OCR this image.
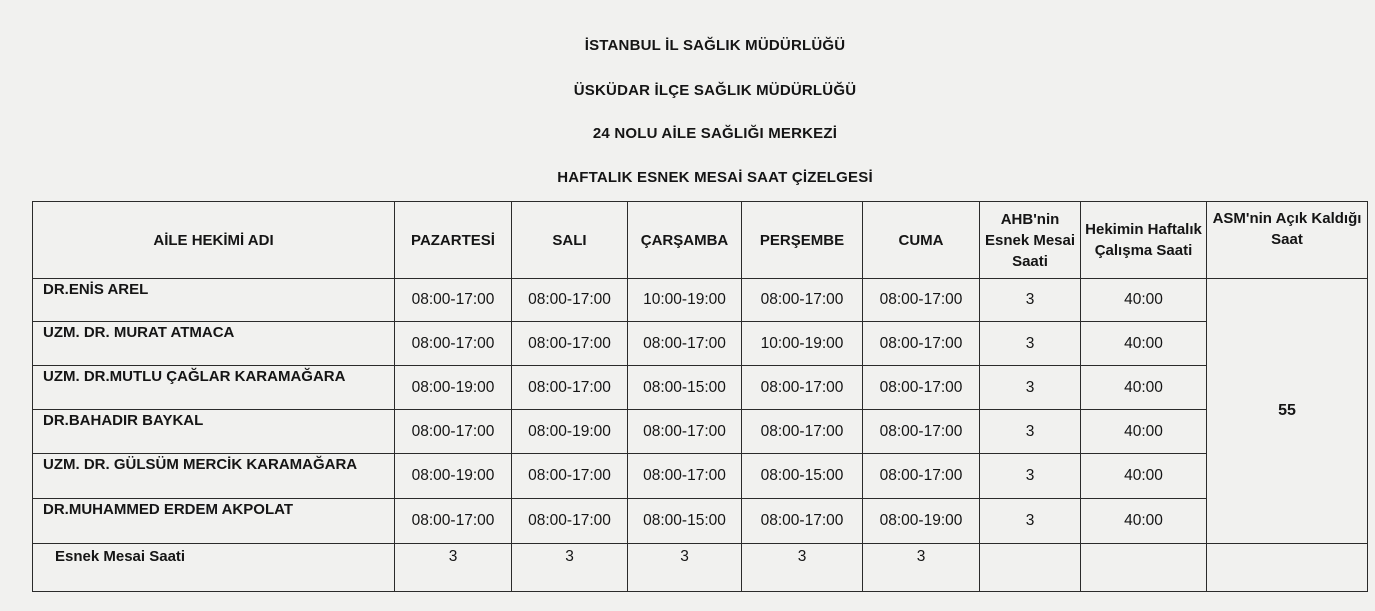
İSTANBUL İL SAĞLIK MÜDÜRLÜĞÜ
ÜSKÜDAR İLÇE SAĞLIK MÜDÜRLÜĞÜ
24 NOLU AİLE SAĞLIĞI MERKEZİ
HAFTALIK ESNEK MESAİ SAAT ÇİZELGESİ
AİLE HEKİMİ ADI	PAZARTESİ	SALI	ÇARŞAMBA	PERŞEMBE	CUMA	AHB'nin Esnek Mesai Saati	Hekimin Haftalık Çalışma Saati	ASM'nin Açık Kaldığı Saat
DR.ENİS AREL	08:00-17:00	08:00-17:00	10:00-19:00	08:00-17:00	08:00-17:00	3	40:00	55
UZM. DR. MURAT ATMACA	08:00-17:00	08:00-17:00	08:00-17:00	10:00-19:00	08:00-17:00	3	40:00	
UZM. DR.MUTLU ÇAĞLAR KARAMAĞARA	08:00-19:00	08:00-17:00	08:00-15:00	08:00-17:00	08:00-17:00	3	40:00	
DR.BAHADIR BAYKAL	08:00-17:00	08:00-19:00	08:00-17:00	08:00-17:00	08:00-17:00	3	40:00	
UZM. DR. GÜLSÜM MERCİK KARAMAĞARA	08:00-19:00	08:00-17:00	08:00-17:00	08:00-15:00	08:00-17:00	3	40:00	
DR.MUHAMMED ERDEM AKPOLAT	08:00-17:00	08:00-17:00	08:00-15:00	08:00-17:00	08:00-19:00	3	40:00	
Esnek Mesai Saati	3	3	3	3	3			
